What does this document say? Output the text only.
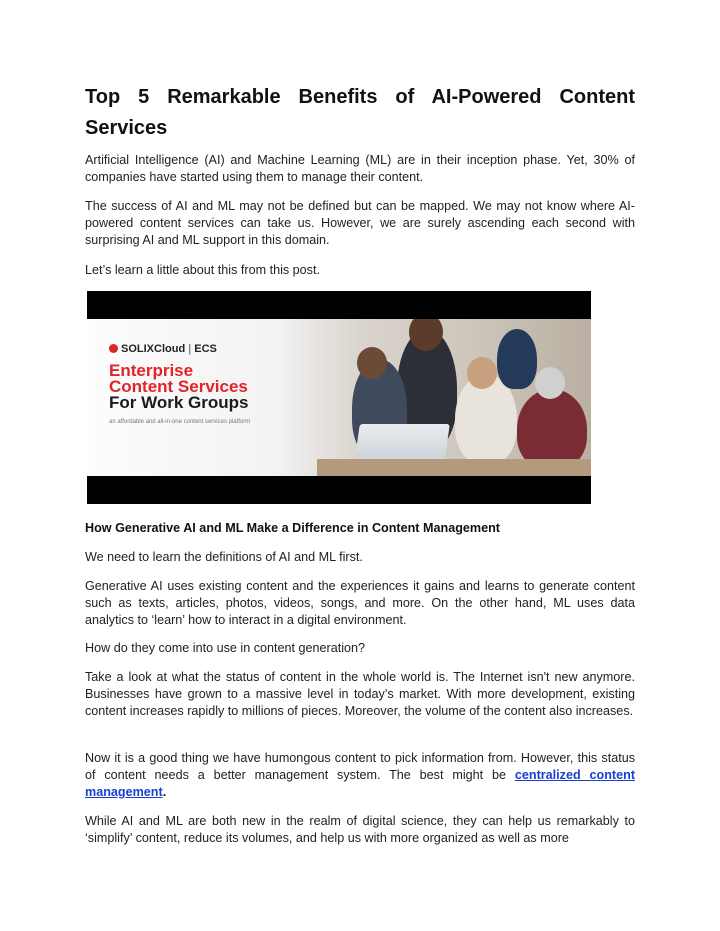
Top 5 Remarkable Benefits of AI-Powered Content
Services

Artificial Intelligence (AI) and Machine Learning (ML) are in their inception phase. Yet, 30% of companies have started using them to manage their content.

The success of AI and ML may not be defined but can be mapped. We may not know where AI-powered content services can take us. However, we are surely ascending each second with surprising AI and ML support in this domain.

Let’s learn a little about this from this post.

SOLIXCloud | ECS
Enterprise
Content Services
For Work Groups
an affordable and all-in-one content services platform
How Generative AI and ML Make a Difference in Content Management

We need to learn the definitions of AI and ML first.

Generative AI uses existing content and the experiences it gains and learns to generate content such as texts, articles, photos, videos, songs, and more. On the other hand, ML uses data analytics to ‘learn’ how to interact in a digital environment.

How do they come into use in content generation?

Take a look at what the status of content in the whole world is. The Internet isn't new anymore. Businesses have grown to a massive level in today’s market. With more development, existing content increases rapidly to millions of pieces. Moreover, the volume of the content also increases.

Now it is a good thing we have humongous content to pick information from. However, this status of content needs a better management system. The best might be centralized content management.

While AI and ML are both new in the realm of digital science, they can help us remarkably to ‘simplify’ content, reduce its volumes, and help us with more organized as well as more
